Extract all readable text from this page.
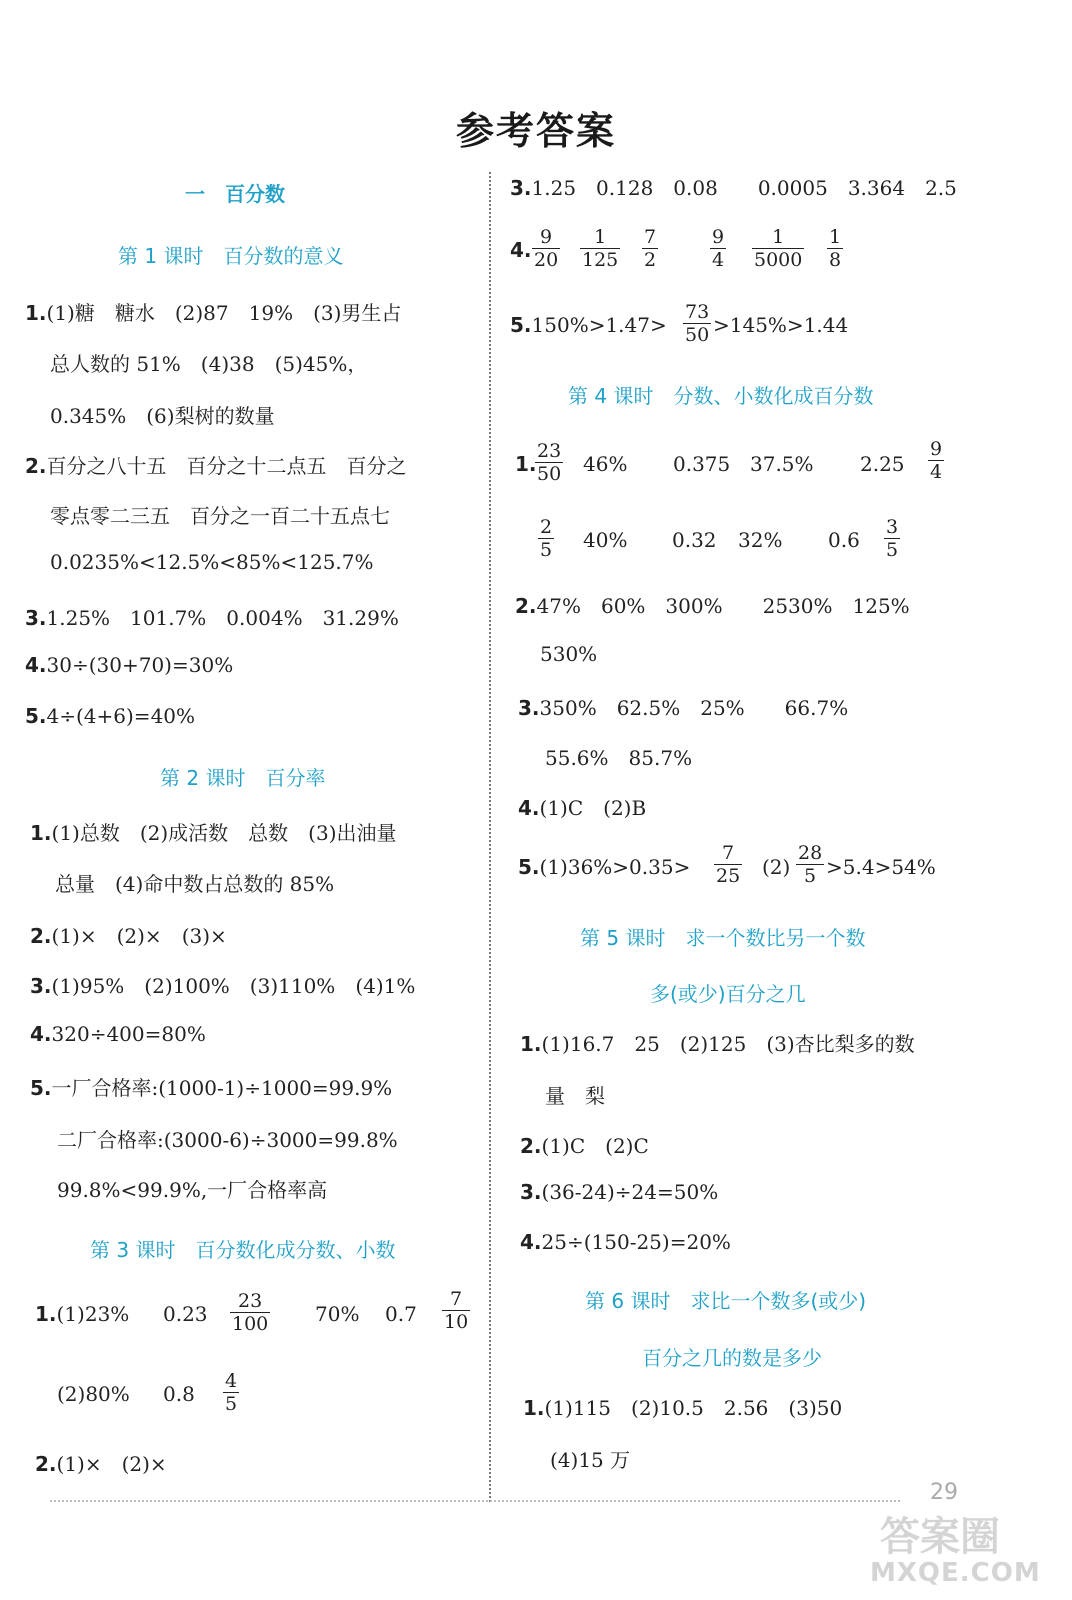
参考答案
一　百分数
第 1 课时　百分数的意义
1.(1)糖　糖水　(2)87　19%　(3)男生占
总人数的 51%　(4)38　(5)45%，
0.345%　(6)梨树的数量
2.百分之八十五　百分之十二点五　百分之
零点零二三五　百分之一百二十五点七
0.0235%<12.5%<85%<125.7%
3.1.25%　101.7%　0.004%　31.29%
4.30÷(30+70)=30%
5.4÷(4+6)=40%
第 2 课时　百分率
1.(1)总数　(2)成活数　总数　(3)出油量
总量　(4)命中数占总数的 85%
2.(1)×　(2)×　(3)×
3.(1)95%　(2)100%　(3)110%　(4)1%
4.320÷400=80%
5.一厂合格率:(1000-1)÷1000=99.9%
二厂合格率:(3000-6)÷3000=99.8%
99.8%<99.9%,一厂合格率高
第 3 课时　百分数化成分数、小数
1.(1)23% $0.23 \frac{23}{100} 70\%$ $0.7 \frac{7}{10}$
(2)80% $0.8 \frac{4}{5}$
2.(1)×　(2)×
3.1.25　0.128　0.08　　0.0005　3.364　2.5
4. $\frac{9}{20} \frac{1}{125} \frac{7}{2}$	$\frac{9}{4} \frac{1}{5000} \frac{1}{8}$
$5.150\%>1.47> \frac{73}{50} >145\%>1.44$
第 4 课时　分数、小数化成百分数
1.
$\frac{23}{50} 46\%$ 0.375 37.5% $2.25 \frac{9}{4}$
$\frac{2}{5} 40\%$ 0.32 32% $0.6 \frac{3}{5}$
2.47%　60%　300%　　2530%　125%
530%
3.350%　62.5%　25%　　66.7%
55.6%　85.7%
4.(1)C　(2)B
$5.(1)36\%>0.35> \frac{7}{25} (2) \frac{28}{5} >5.4>54\%$
第 5 课时　求一个数比另一个数
多(或少)百分之几
1.(1)16.7　25　(2)125　(3)杏比梨多的数
量　梨
2.(1)C　(2)C
3.(36-24)÷24=50%
4.25÷(150-25)=20%
第 6 课时　求比一个数多(或少)
百分之几的数是多少
1.(1)115　(2)10.5　2.56　(3)50
(4)15 万
29
答案圈
MXQE.COM
